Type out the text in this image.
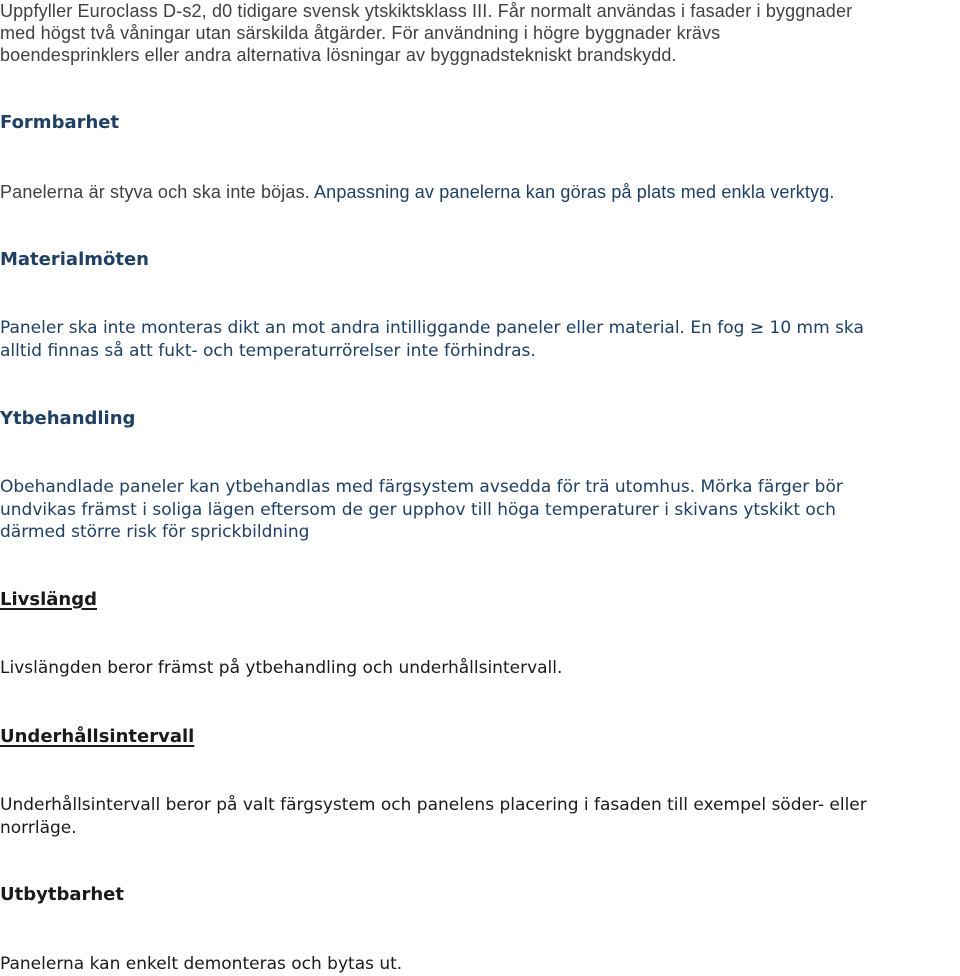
Uppfyller Euroclass D-s2, d0 tidigare svensk ytskiktsklass III. Får normalt användas i fasader i byggnader

med högst två våningar utan särskilda åtgärder. För användning i högre byggnader krävs

boendesprinklers eller andra alternativa lösningar av byggnadstekniskt brandskydd.

Formbarhet

Panelerna är styva och ska inte böjas. Anpassning av panelerna kan göras på plats med enkla verktyg.

Materialmöten

Paneler ska inte monteras dikt an mot andra intilliggande paneler eller material. En fog ≥ 10 mm ska

alltid finnas så att fukt- och temperaturrörelser inte förhindras.

Ytbehandling

Obehandlade paneler kan ytbehandlas med färgsystem avsedda för trä utomhus. Mörka färger bör

undvikas främst i soliga lägen eftersom de ger upphov till höga temperaturer i skivans ytskikt och

därmed större risk för sprickbildning

Livslängd

Livslängden beror främst på ytbehandling och underhållsintervall.

Underhållsintervall

Underhållsintervall beror på valt färgsystem och panelens placering i fasaden till exempel söder- eller

norrläge.

Utbytbarhet

Panelerna kan enkelt demonteras och bytas ut.
